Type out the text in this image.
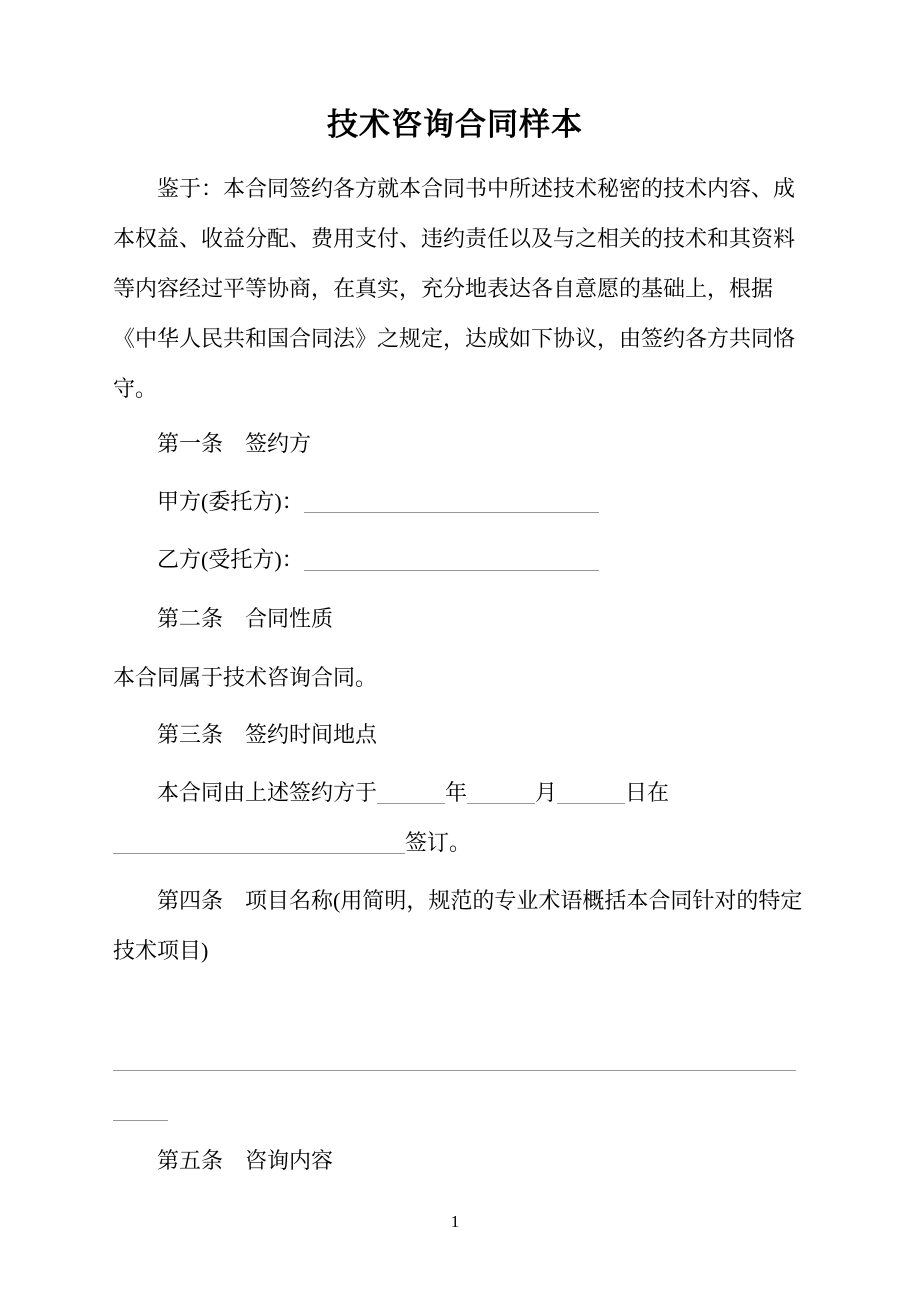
技术咨询合同样本
鉴于：本合同签约各方就本合同书中所述技术秘密的技术内容、成
本权益、收益分配、费用支付、违约责任以及与之相关的技术和其资料
等内容经过平等协商，在真实，充分地表达各自意愿的基础上，根据
《中华人民共和国合同法》之规定，达成如下协议，由签约各方共同恪
守。
第一条　签约方
甲方(委托方)：
乙方(受托方)：
第二条　合同性质
本合同属于技术咨询合同。
第三条　签约时间地点
本合同由上述签约方于	年	月	日在
签订。
第四条　项目名称(用简明，规范的专业术语概括本合同针对的特定
技术项目)
第五条　咨询内容
1
